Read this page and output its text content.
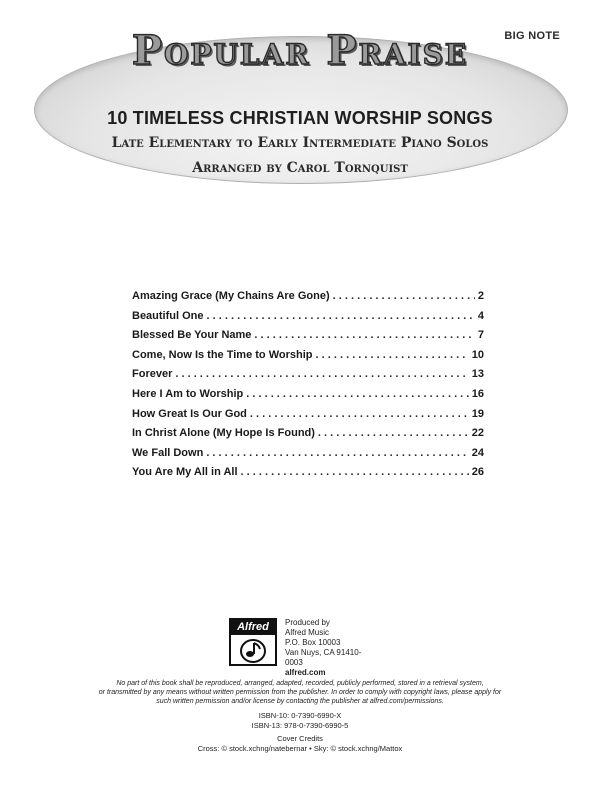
BIG NOTE
Popular Praise
10 TIMELESS CHRISTIAN WORSHIP SONGS
Late Elementary to Early Intermediate Piano Solos
Arranged by Carol Tornquist
Amazing Grace (My Chains Are Gone) . . .	2
Beautiful One . . .	4
Blessed Be Your Name . . .	7
Come, Now Is the Time to Worship . . .	10
Forever . . .	13
Here I Am to Worship . . .	16
How Great Is Our God . . .	19
In Christ Alone (My Hope Is Found) . . .	22
We Fall Down . . .	24
You Are My All in All . . .	26
Alfred	Produced by
Alfred Music
P.O. Box 10003
Van Nuys, CA 91410-0003
alfred.com
No part of this book shall be reproduced, arranged, adapted, recorded, publicly performed, stored in a retrieval system,
or transmitted by any means without written permission from the publisher. In order to comply with copyright laws, please apply for
such written permission and/or license by contacting the publisher at alfred.com/permissions.
ISBN-10: 0-7390-6990-X
ISBN-13: 978-0-7390-6990-5
Cover Credits
Cross: © stock.xchng/natebernar • Sky: © stock.xchng/Mattox
